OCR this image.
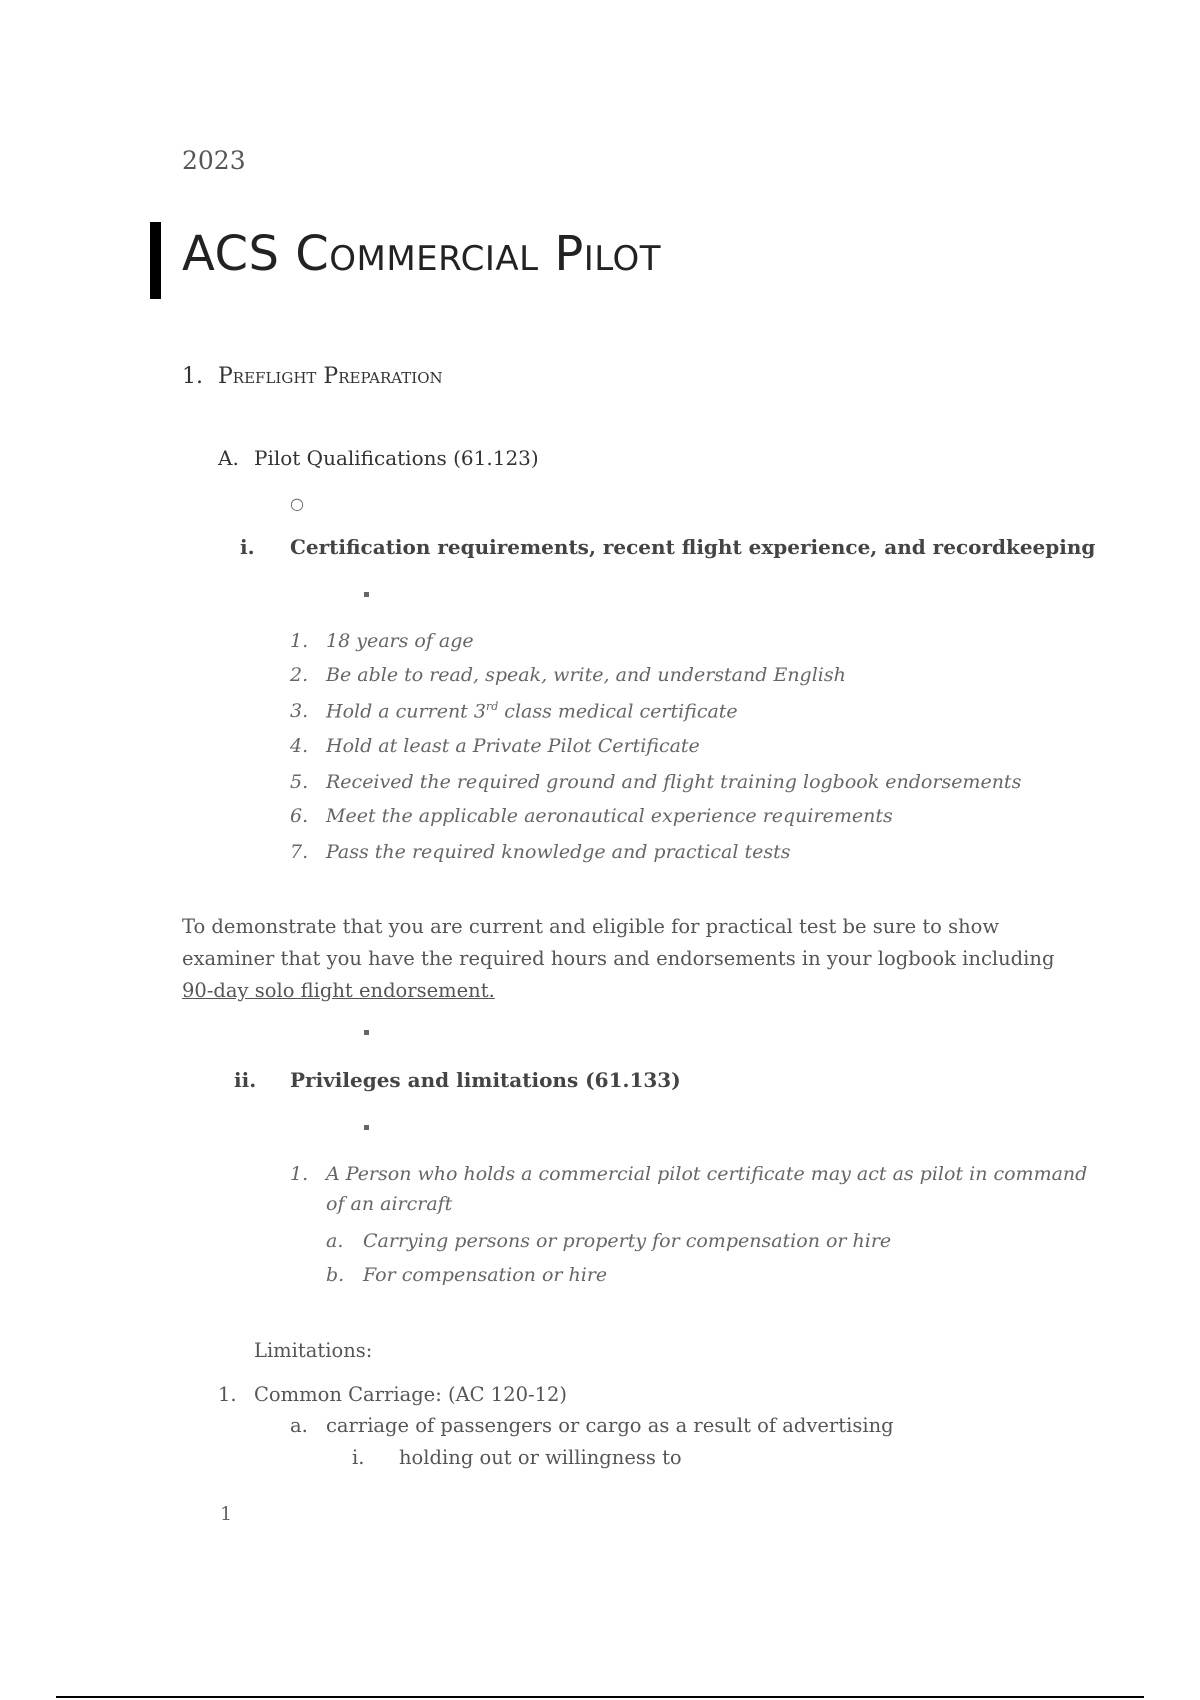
2023
ACS Commercial Pilot
1. Preflight Preparation
A. Pilot Qualifications (61.123)
○
i. Certification requirements, recent flight experience, and recordkeeping
1. 18 years of age
2. Be able to read, speak, write, and understand English
3. Hold a current 3rd class medical certificate
4. Hold at least a Private Pilot Certificate
5. Received the required ground and flight training logbook endorsements
6. Meet the applicable aeronautical experience requirements
7. Pass the required knowledge and practical tests
To demonstrate that you are current and eligible for practical test be sure to show examiner that you have the required hours and endorsements in your logbook including 90-day solo flight endorsement.
ii. Privileges and limitations (61.133)
1. A Person who holds a commercial pilot certificate may act as pilot in command
of an aircraft
a. Carrying persons or property for compensation or hire
b. For compensation or hire
Limitations:
1. Common Carriage: (AC 120-12)
a. carriage of passengers or cargo as a result of advertising
i. holding out or willingness to
1
